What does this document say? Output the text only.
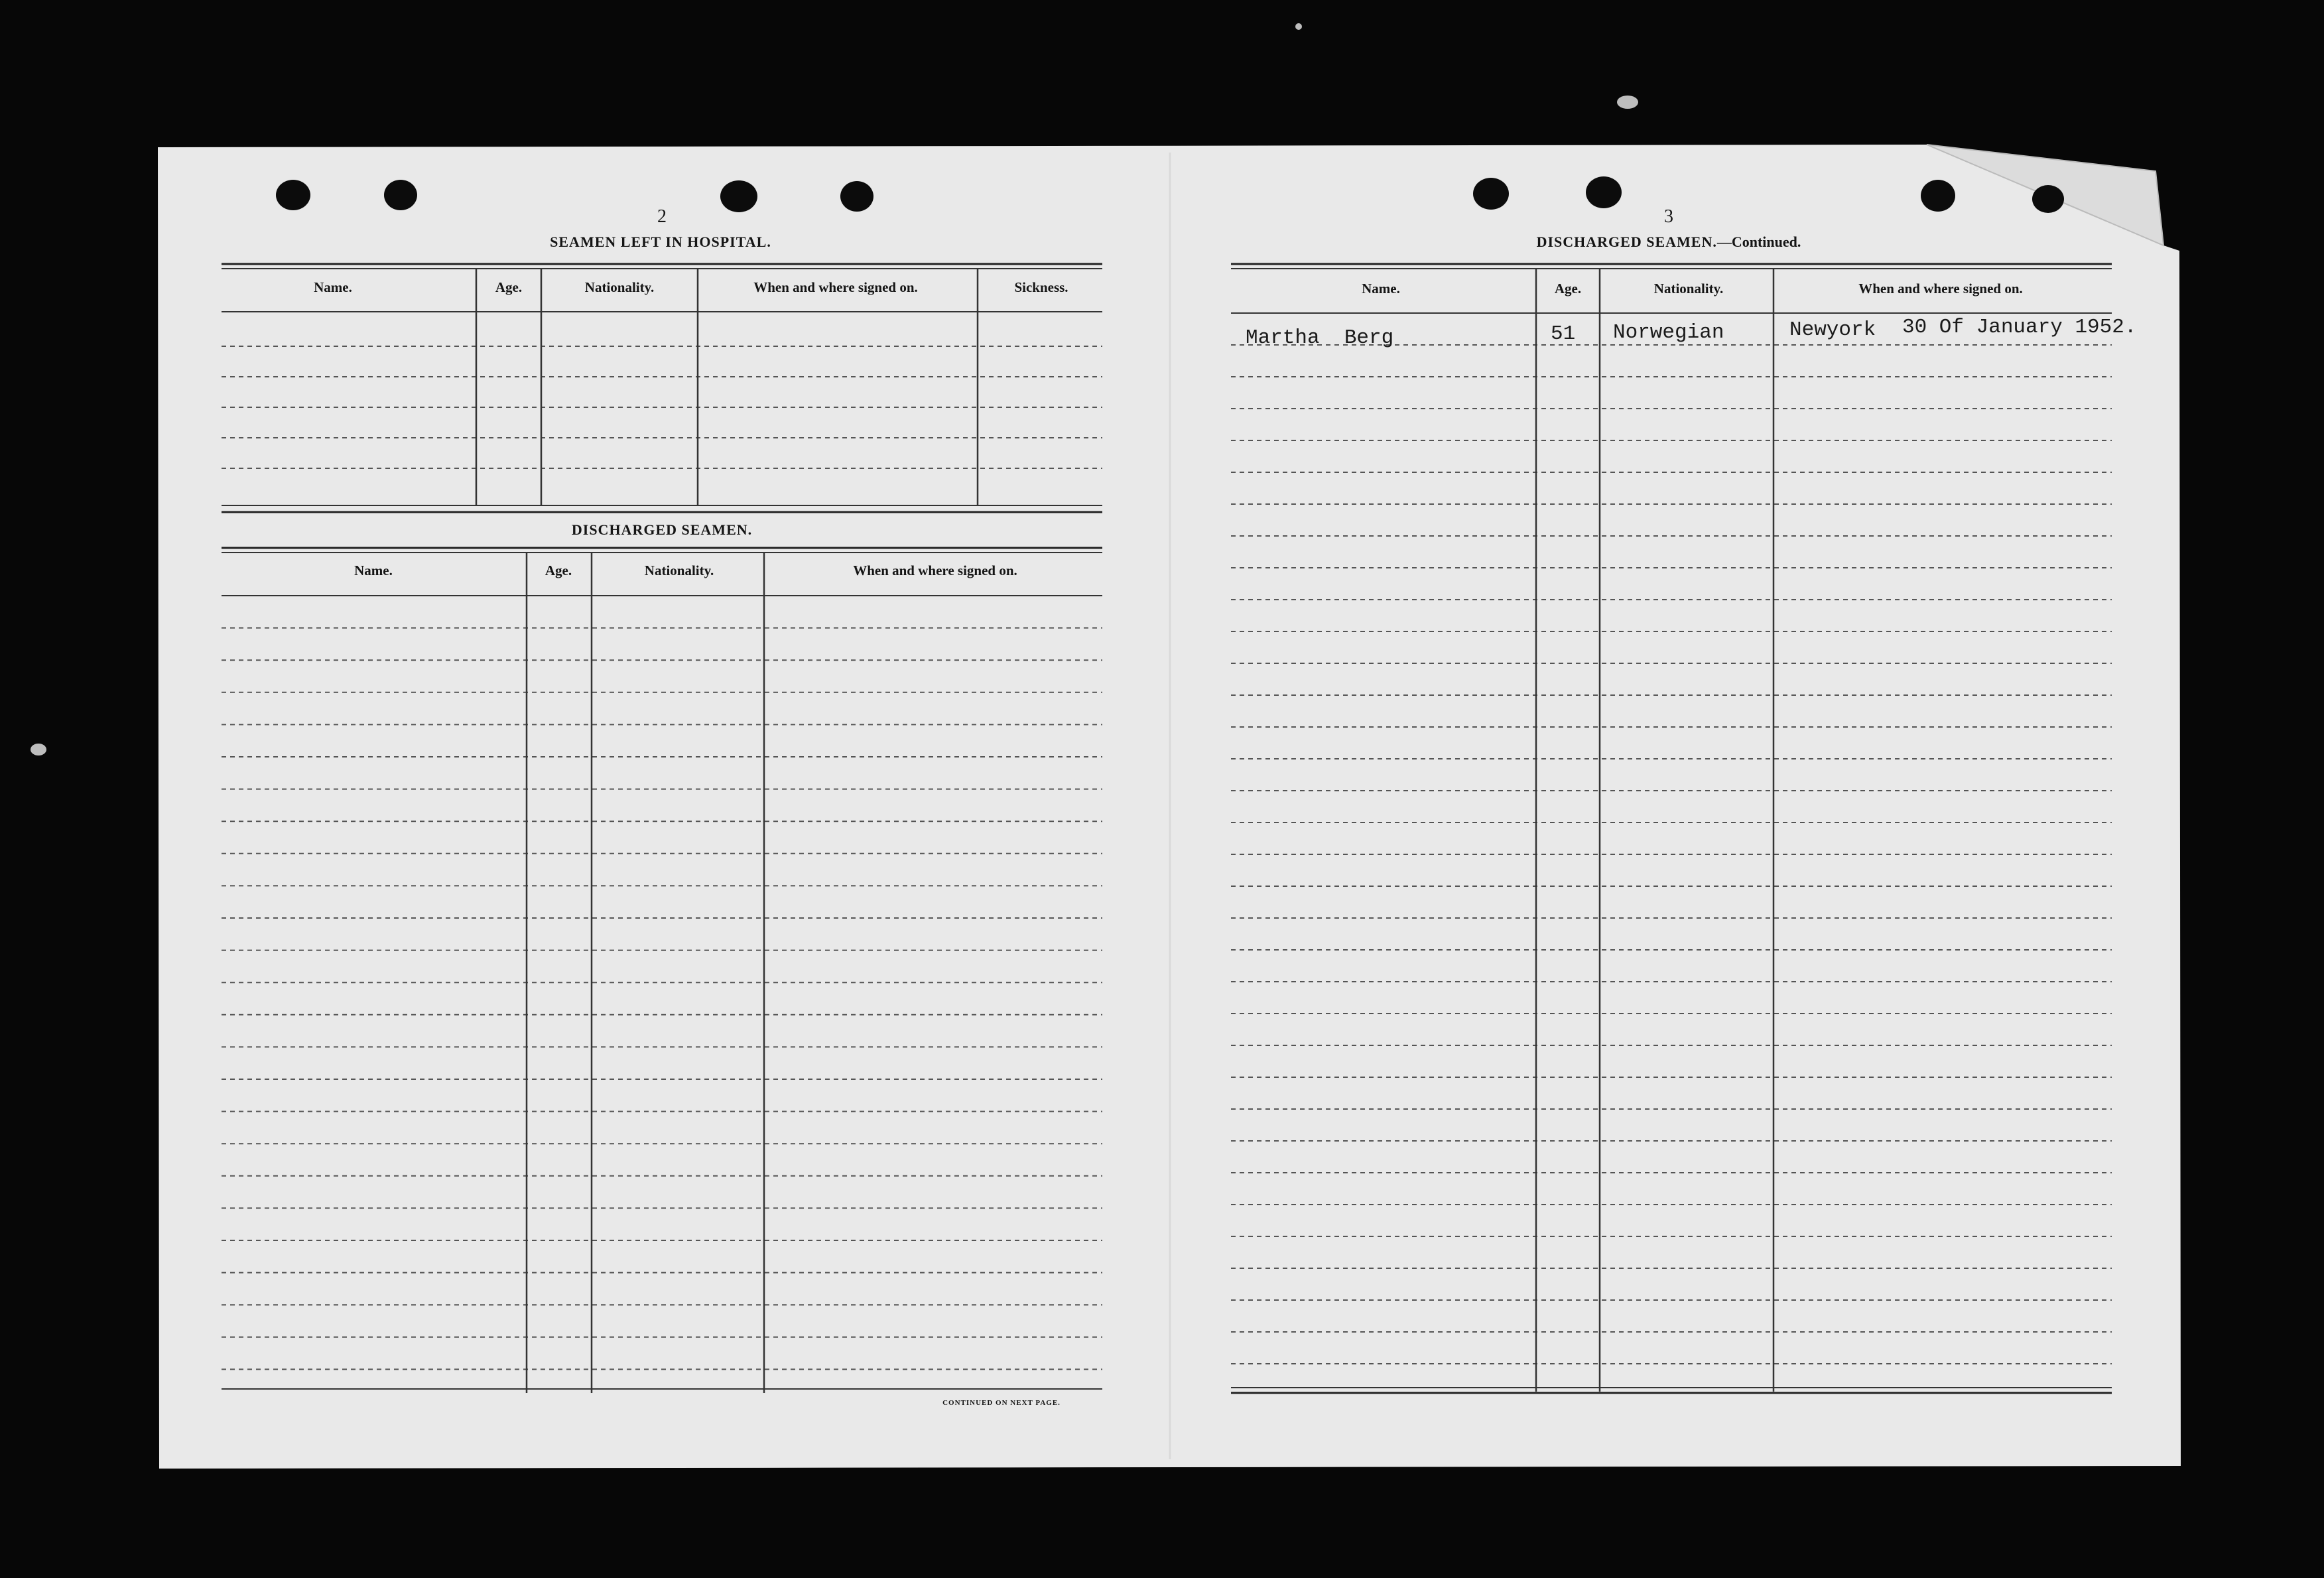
2
SEAMEN LEFT IN HOSPITAL.
Name.	Age.	Nationality.	When and where signed on.	Sickness.
DISCHARGED SEAMEN.
Name.	Age.	Nationality.	When and where signed on.
CONTINUED ON NEXT PAGE.
3
DISCHARGED SEAMEN.—Continued.
Name.	Age.	Nationality.	When and where signed on.
Martha  Berg	51 Norwegian	Newyork 30 Of January 1952.
